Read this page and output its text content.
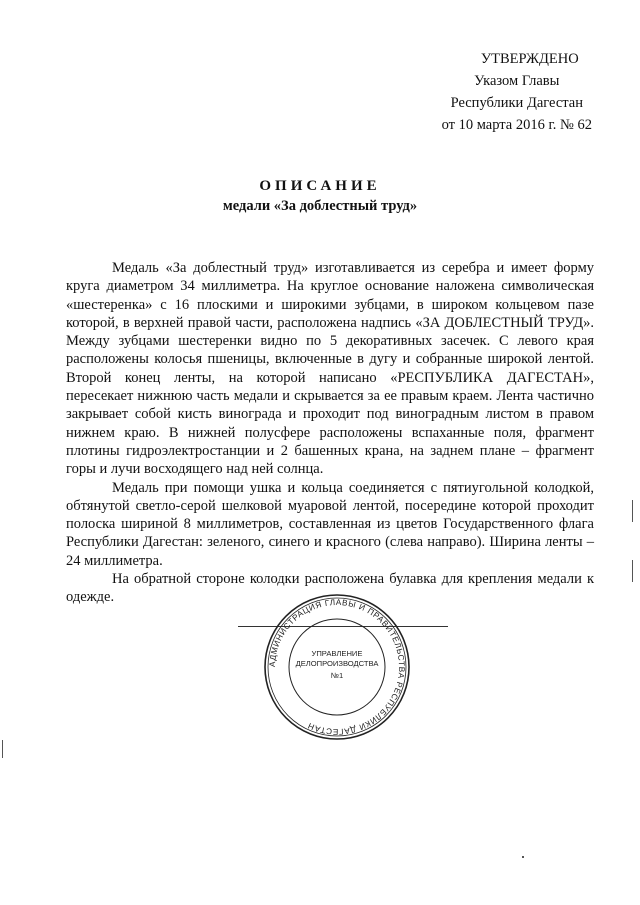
УТВЕРЖДЕНО
Указом Главы
Республики Дагестан
от 10 марта 2016 г. № 62
ОПИСАНИЕ
медали «За доблестный труд»

Медаль «За доблестный труд» изготавливается из серебра и имеет форму круга диаметром 34 миллиметра. На круглое основание наложена символическая «шестеренка» с 16 плоскими и широкими зубцами, в широком кольцевом пазе которой, в верхней правой части, расположена надпись «ЗА ДОБЛЕСТНЫЙ ТРУД». Между зубцами шестеренки видно по 5 декоративных засечек. С левого края расположены колосья пшеницы, включенные в дугу и собранные широкой лентой. Второй конец ленты, на которой написано «РЕСПУБЛИКА ДАГЕСТАН», пересекает нижнюю часть медали и скрывается за ее правым краем. Лента частично закрывает собой кисть винограда и проходит под виноградным листом в правом нижнем краю. В нижней полусфере расположены вспаханные поля, фрагмент плотины гидроэлектростанции и 2 башенных крана, на заднем плане – фрагмент горы и лучи восходящего над ней солнца.

Медаль при помощи ушка и кольца соединяется с пятиугольной колодкой, обтянутой светло-серой шелковой муаровой лентой, посередине которой проходит полоска шириной 8 миллиметров, составленная из цветов Государственного флага Республики Дагестан: зеленого, синего и красного (слева направо). Ширина ленты – 24 миллиметра.

На обратной стороне колодки расположена булавка для крепления медали к одежде.

АДМИНИСТРАЦИЯ ГЛАВЫ И ПРАВИТЕЛЬСТВА РЕСПУБЛИКИ ДАГЕСТАН
УПРАВЛЕНИЕ
ДЕЛОПРОИЗВОДСТВА
№1
